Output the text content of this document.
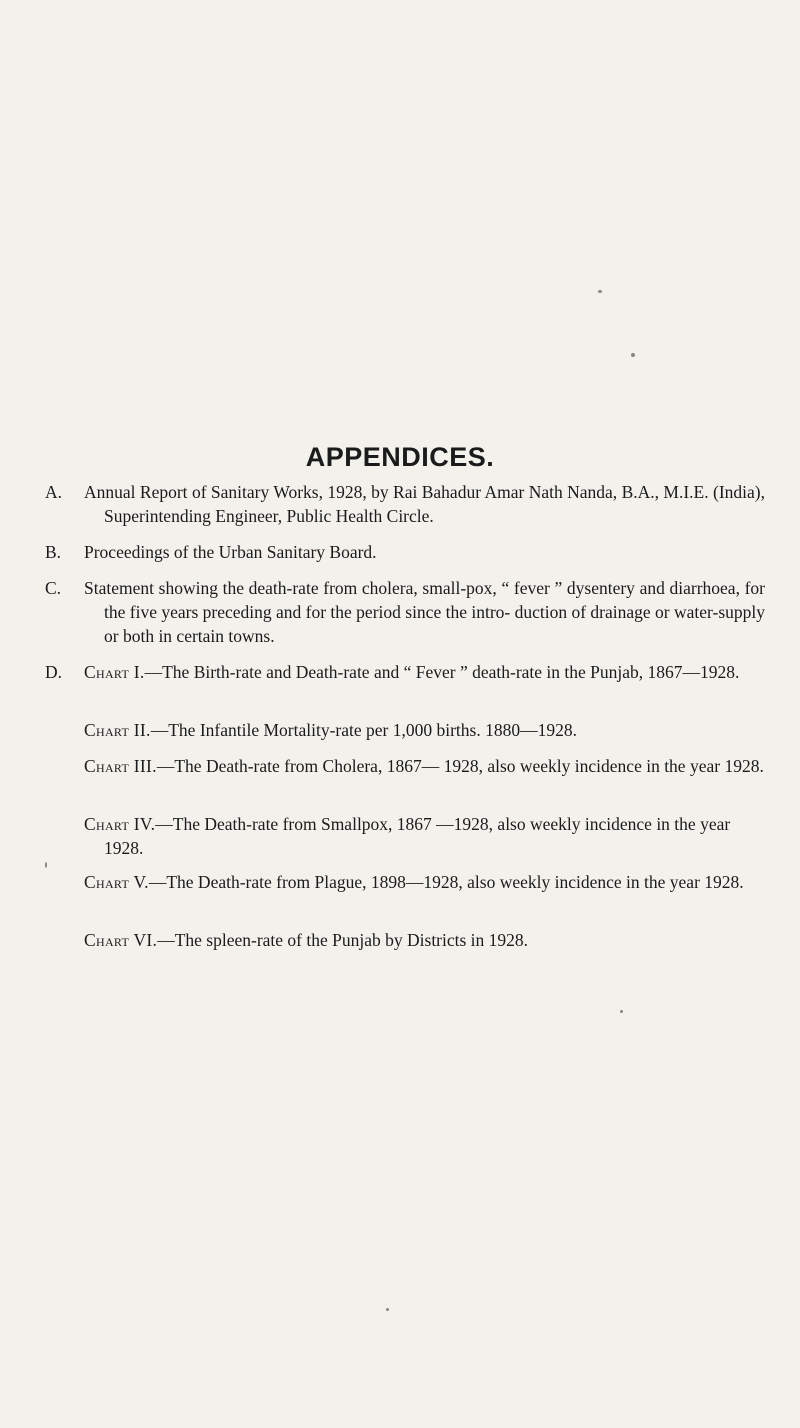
APPENDICES.
A. Annual Report of Sanitary Works, 1928, by Rai Bahadur Amar Nath Nanda, B.A., M.I.E. (India), Superintending Engineer, Public Health Circle.
B.	Proceedings of the Urban Sanitary Board.
C.	Statement showing the death-rate from cholera, small-pox, “ fever ” dysentery and diarrhoea, for the five years preceding and for the period since the intro- duction of drainage or water-supply or both in certain towns.
D. Chart I.—The Birth-rate and Death-rate and “ Fever ” death-rate in the Punjab, 1867—1928.
Chart II.—The Infantile Mortality-rate per 1,000 births. 1880—1928.
Chart III.—The Death-rate from Cholera, 1867— 1928, also weekly incidence in the year 1928.
Chart IV.—The Death-rate from Smallpox, 1867 —1928, also weekly incidence in the year 1928.
Chart V.—The Death-rate from Plague, 1898—1928, also weekly incidence in the year 1928.
Chart VI.—The spleen-rate of the Punjab by Districts in 1928.
